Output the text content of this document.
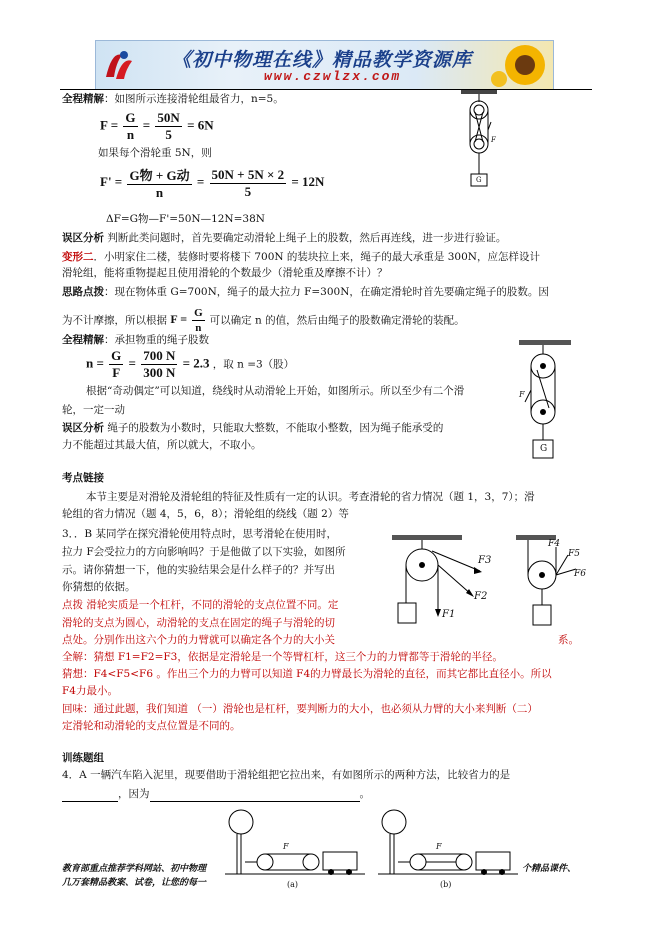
《初中物理在线》精品教学资源库
www.czwlzx.com
全程精解：如图所示连接滑轮组最省力，n=5。
$F = \frac{G}{n} = \frac{50N}{5} = 6N$
如果每个滑轮重 5N，则
$F' = \frac{\text{G物 + G动}}{n} = \frac{50N + 5N \times 2}{5} = 12N$
ΔF=G物—F'=50N—12N=38N
误区分析 判断此类问题时，首先要确定动滑轮上绳子上的股数，然后再连线，进一步进行验证。
F
G
变形二．小明家住二楼，装修时要将楼下 700N 的装块拉上来，绳子的最大承重是 300N，应怎样设计
滑轮组，能将重物提起且使用滑轮的个数最少（滑轮重及摩擦不计）？
思路点拨：现在物体重 G=700N，绳子的最大拉力 F=300N，在确定滑轮时首先要确定绳子的股数。因
为不计摩擦，所以根据 $F = \frac{G}{n}$ 可以确定 n 的值，然后由绳子的股数确定滑轮的装配。
全程精解：承担物重的绳子股数
$n = \frac{G}{F} = \frac{700 N}{300 N} = 2.3$ ，取 n =3（股）
根据“奇动偶定”可以知道，绕线时从动滑轮上开始，如图所示。所以至少有二个滑
轮，一定一动
误区分析 绳子的股数为小数时，只能取大整数，不能取小整数，因为绳子能承受的
力不能超过其最大值，所以就大，不取小。
F
G
考点链接
本节主要是对滑轮及滑轮组的特征及性质有一定的认识。考查滑轮的省力情况（题 1，3，7）；滑
轮组的省力情况（题 4，5，6，8）；滑轮组的绕线（题 2）等
3．．B 某同学在探究滑轮使用特点时，思考滑轮在使用时，
拉力 F会受拉力的方向影响吗？于是他做了以下实验，如图所
示。请你猜想一下，他的实验结果会是什么样子的？并写出
你猜想的依据。
点拨 滑轮实质是一个杠杆，不同的滑轮的支点位置不同。定
滑轮的支点为圆心，动滑轮的支点在固定的绳子与滑轮的切
点处。分别作出这六个力的力臂就可以确定各个力的大小关	系。
全解：猜想 F1=F2=F3，依据是定滑轮是一个等臂杠杆，这三个力的力臂都等于滑轮的半径。
猜想：F4<F5<F6 。作出三个力的力臂可以知道 F4的力臂最长为滑轮的直径，而其它都比直径小。所以
F4力最小。
回味：通过此题，我们知道 （一）滑轮也是杠杆，要判断力的大小，也必须从力臂的大小来判断（二）
定滑轮和动滑轮的支点位置是不同的。
F3
F2
F1
F4
F5
F6
训练题组
4．A 一辆汽车陷入泥里，现要借助于滑轮组把它拉出来，有如图所示的两种方法，比较省力的是
，因为	。
F
(a)
F
(b)
教育部重点推荐学科网站、初中物理
几万套精品教案、试卷，让您的每一
个精品课件、
